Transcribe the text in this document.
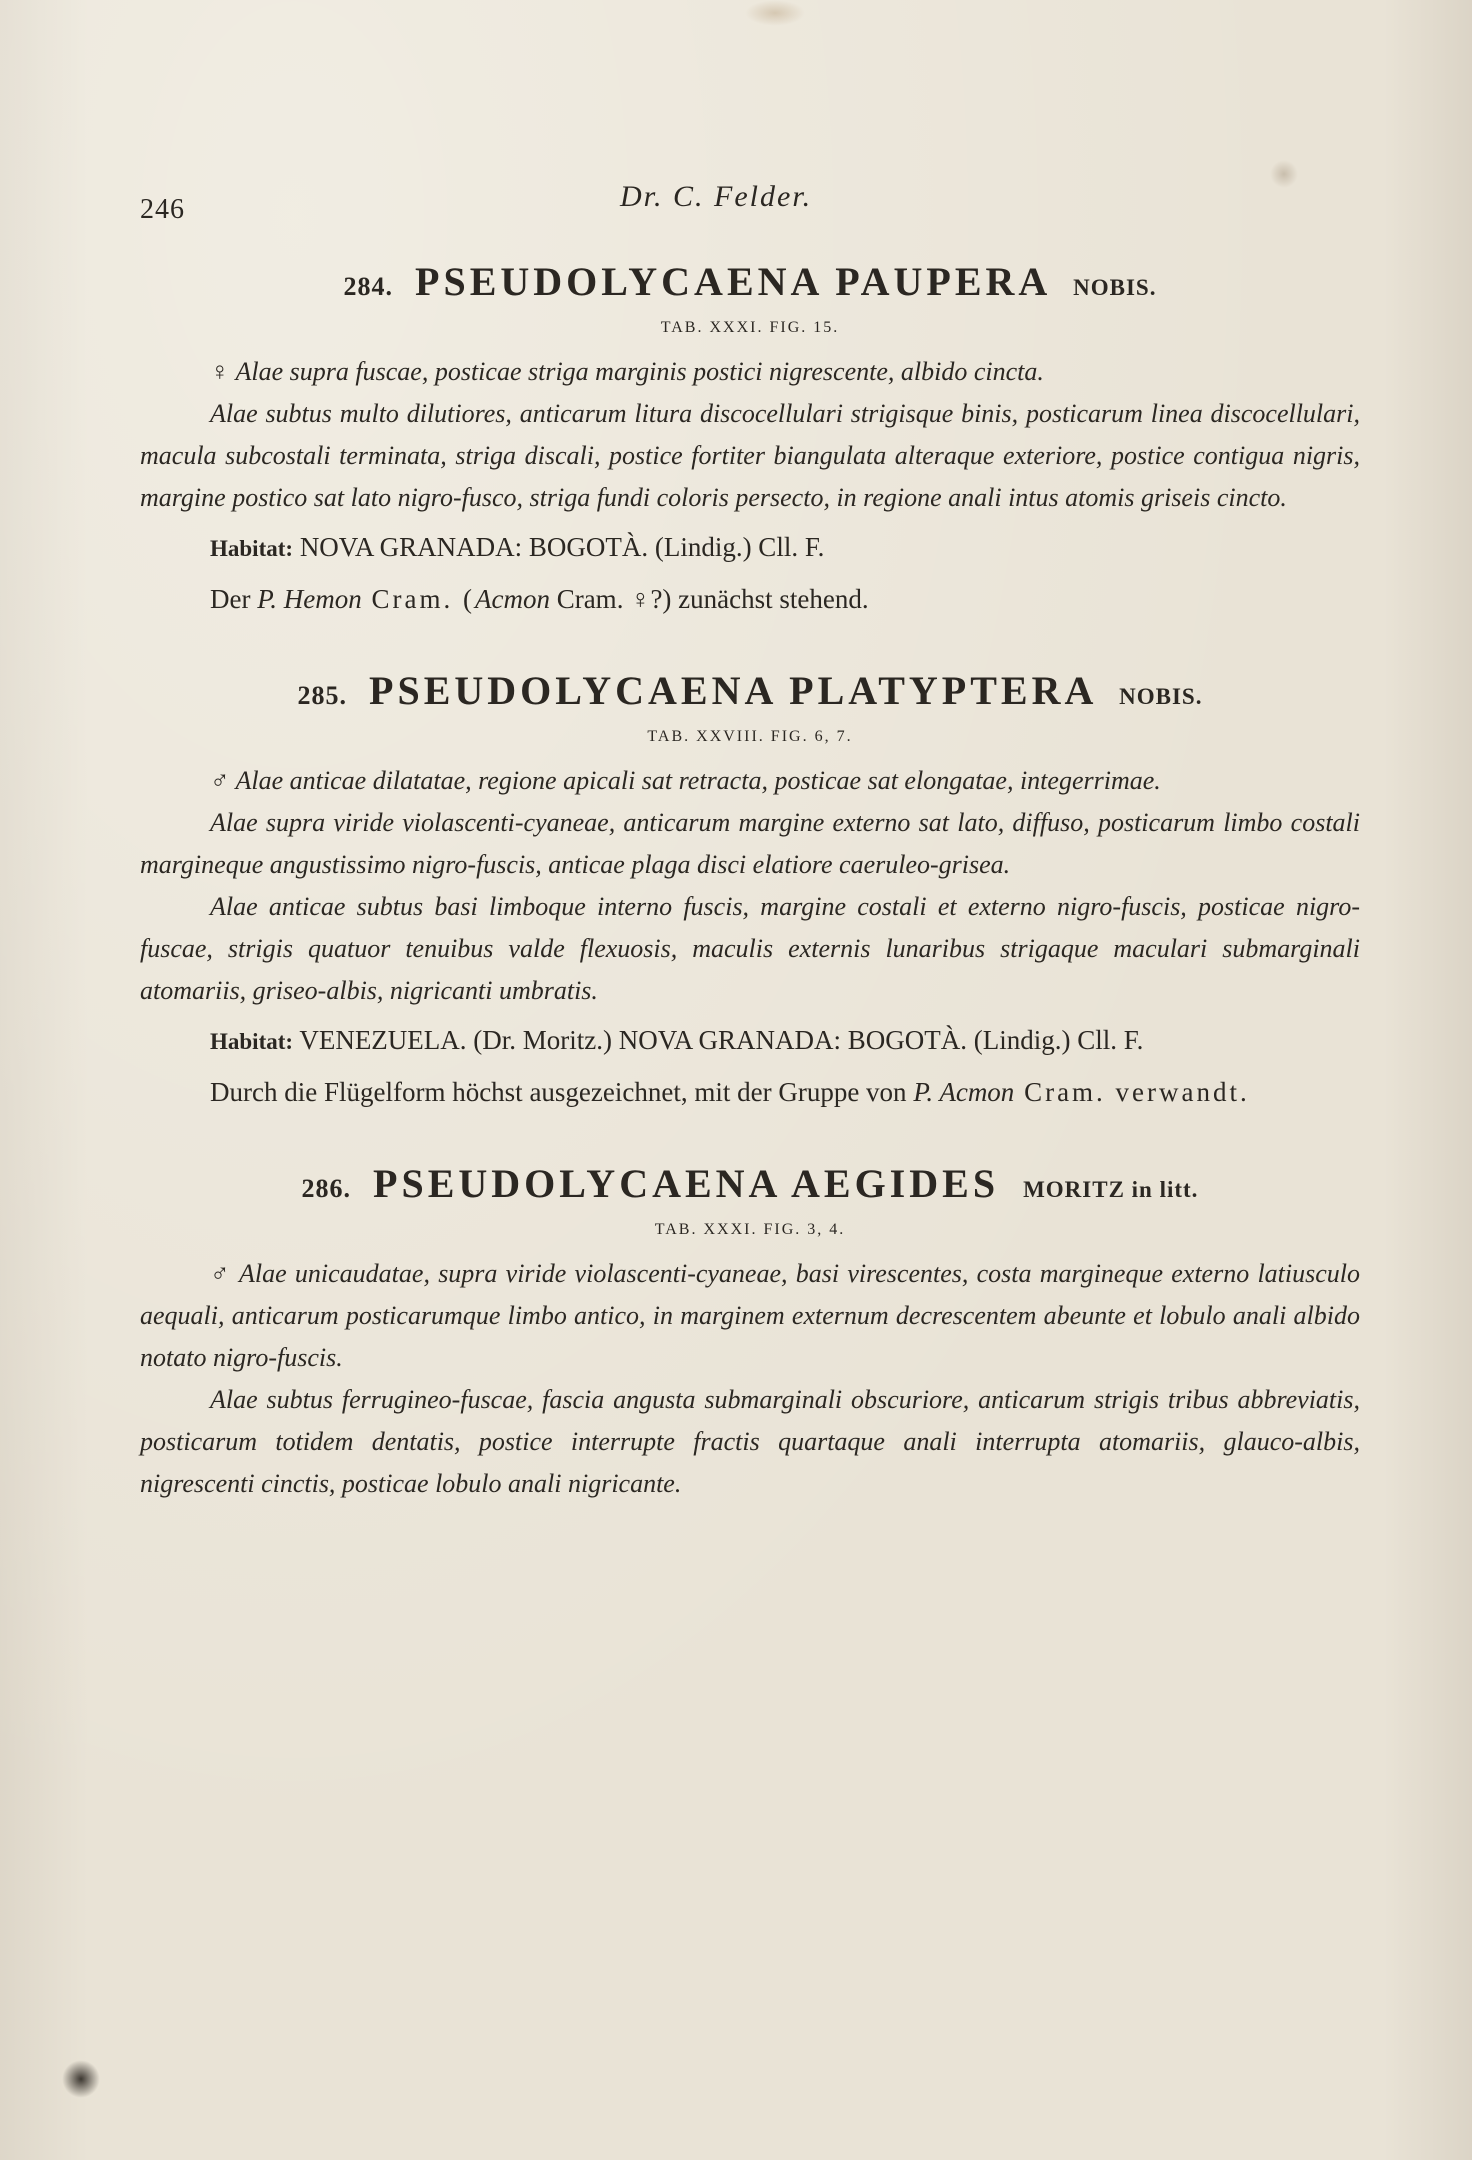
246	Dr. C. Felder.
284. PSEUDOLYCAENA PAUPERA NOBIS.
TAB. XXXI. FIG. 15.

♀ Alae supra fuscae, posticae striga marginis postici nigrescente, albido cincta.

Alae subtus multo dilutiores, anticarum litura discocellulari strigisque binis, posticarum linea discocellulari, macula subcostali terminata, striga discali, postice fortiter biangulata alteraque exteriore, postice contigua nigris, margine postico sat lato nigro-fusco, striga fundi coloris persecto, in regione anali intus atomis griseis cincto.

Habitat: NOVA GRANADA: BOGOTÀ. (Lindig.) Cll. F.

Der P. Hemon Cram. (Acmon Cram. ♀?) zunächst stehend.

285. PSEUDOLYCAENA PLATYPTERA NOBIS.
TAB. XXVIII. FIG. 6, 7.

♂ Alae anticae dilatatae, regione apicali sat retracta, posticae sat elongatae, integerrimae.

Alae supra viride violascenti-cyaneae, anticarum margine externo sat lato, diffuso, posticarum limbo costali margineque angustissimo nigro-fuscis, anticae plaga disci elatiore caeruleo-grisea.

Alae anticae subtus basi limboque interno fuscis, margine costali et externo nigro-fuscis, posticae nigro-fuscae, strigis quatuor tenuibus valde flexuosis, maculis externis lunaribus strigaque maculari submarginali atomariis, griseo-albis, nigricanti umbratis.

Habitat: VENEZUELA. (Dr. Moritz.) NOVA GRANADA: BOGOTÀ. (Lindig.) Cll. F.

Durch die Flügelform höchst ausgezeichnet, mit der Gruppe von P. Acmon Cram. verwandt.

286. PSEUDOLYCAENA AEGIDES MORITZ in litt.
TAB. XXXI. FIG. 3, 4.

♂ Alae unicaudatae, supra viride violascenti-cyaneae, basi virescentes, costa margineque externo latiusculo aequali, anticarum posticarumque limbo antico, in marginem externum decrescentem abeunte et lobulo anali albido notato nigro-fuscis.

Alae subtus ferrugineo-fuscae, fascia angusta submarginali obscuriore, anticarum strigis tribus abbreviatis, posticarum totidem dentatis, postice interrupte fractis quartaque anali interrupta atomariis, glauco-albis, nigrescenti cinctis, posticae lobulo anali nigricante.
